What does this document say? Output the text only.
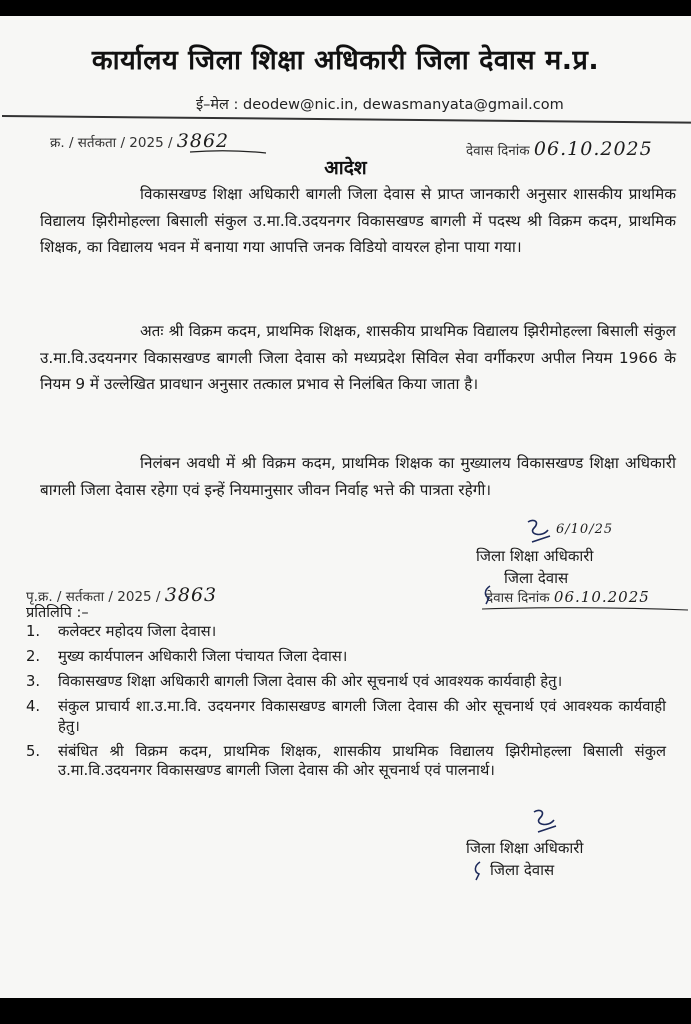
कार्यालय जिला शिक्षा अधिकारी जिला देवास म.प्र.
ई–मेल : deodew@nic.in, dewasmanyata@gmail.com
क्र. / सर्तकता / 2025 / 3862	देवास दिनांक 06.10.2025
आदेश
विकासखण्ड शिक्षा अधिकारी बागली जिला देवास से प्राप्त जानकारी अनुसार शासकीय प्राथमिक विद्यालय झिरीमोहल्ला बिसाली संकुल उ.मा.वि.उदयनगर विकासखण्ड बागली में पदस्थ श्री विक्रम कदम, प्राथमिक शिक्षक, का विद्यालय भवन में बनाया गया आपत्ति जनक विडियो वायरल होना पाया गया।
अतः श्री विक्रम कदम, प्राथमिक शिक्षक, शासकीय प्राथमिक विद्यालय झिरीमोहल्ला बिसाली संकुल उ.मा.वि.उदयनगर विकासखण्ड बागली जिला देवास को मध्यप्रदेश सिविल सेवा वर्गीकरण अपील नियम 1966 के नियम 9 में उल्लेखित प्रावधान अनुसार तत्काल प्रभाव से निलंबित किया जाता है।
निलंबन अवधी में श्री विक्रम कदम, प्राथमिक शिक्षक का मुख्यालय विकासखण्ड शिक्षा अधिकारी बागली जिला देवास रहेगा एवं इन्हें नियमानुसार जीवन निर्वाह भत्ते की पात्रता रहेगी।
6/10/25
जिला शिक्षा अधिकारी
जिला देवास
पृ.क्र. / सर्तकता / 2025 / 3863	देवास दिनांक 06.10.2025
प्रतिलिपि :–
1. कलेक्टर महोदय जिला देवास।
2. मुख्य कार्यपालन अधिकारी जिला पंचायत जिला देवास।
3. विकासखण्ड शिक्षा अधिकारी बागली जिला देवास की ओर सूचनार्थ एवं आवश्यक कार्यवाही हेतु।
4. संकुल प्राचार्य शा.उ.मा.वि. उदयनगर विकासखण्ड बागली जिला देवास की ओर सूचनार्थ एवं आवश्यक कार्यवाही हेतु।
5. संबंधित श्री विक्रम कदम, प्राथमिक शिक्षक, शासकीय प्राथमिक विद्यालय झिरीमोहल्ला बिसाली संकुल उ.मा.वि.उदयनगर विकासखण्ड बागली जिला देवास की ओर सूचनार्थ एवं पालनार्थ।
जिला शिक्षा अधिकारी
जिला देवास
